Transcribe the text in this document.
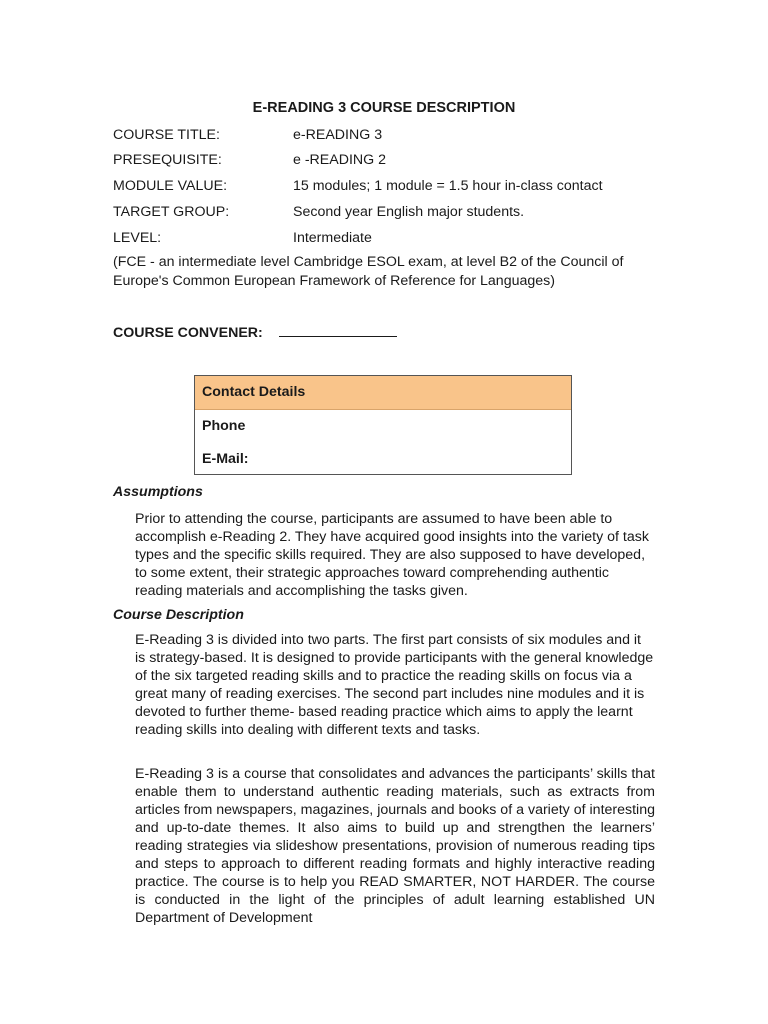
E-READING 3 COURSE DESCRIPTION
COURSE TITLE:	e-READING 3
PRESEQUISITE:	e -READING 2
MODULE VALUE:	15 modules; 1 module = 1.5 hour in-class contact
TARGET GROUP:	Second year English major students.
LEVEL:	Intermediate
(FCE - an intermediate level Cambridge ESOL exam, at level B2 of the Council of Europe's Common European Framework of Reference for Languages)
COURSE CONVENER:
Contact Details
Phone
E-Mail:
Assumptions
Prior to attending the course, participants are assumed to have been able to accomplish e-Reading 2. They have acquired good insights into the variety of task types and the specific skills required. They are also supposed to have developed, to some extent, their strategic approaches toward comprehending authentic reading materials and accomplishing the tasks given.
Course Description
E-Reading 3 is divided into two parts. The first part consists of six modules and it is strategy-based. It is designed to provide participants with the general knowledge of the six targeted reading skills and to practice the reading skills on focus via a great many of reading exercises. The second part includes nine modules and it is devoted to further theme- based reading practice which aims to apply the learnt reading skills into dealing with different texts and tasks.
E-Reading 3 is a course that consolidates and advances the participants’ skills that enable them to understand authentic reading materials, such as extracts from articles from newspapers, magazines, journals and books of a variety of interesting and up-to-date themes. It also aims to build up and strengthen the learners’ reading strategies via slideshow presentations, provision of numerous reading tips and steps to approach to different reading formats and highly interactive reading practice. The course is to help you READ SMARTER, NOT HARDER. The course is conducted in the light of the principles of adult learning established UN Department of Development
